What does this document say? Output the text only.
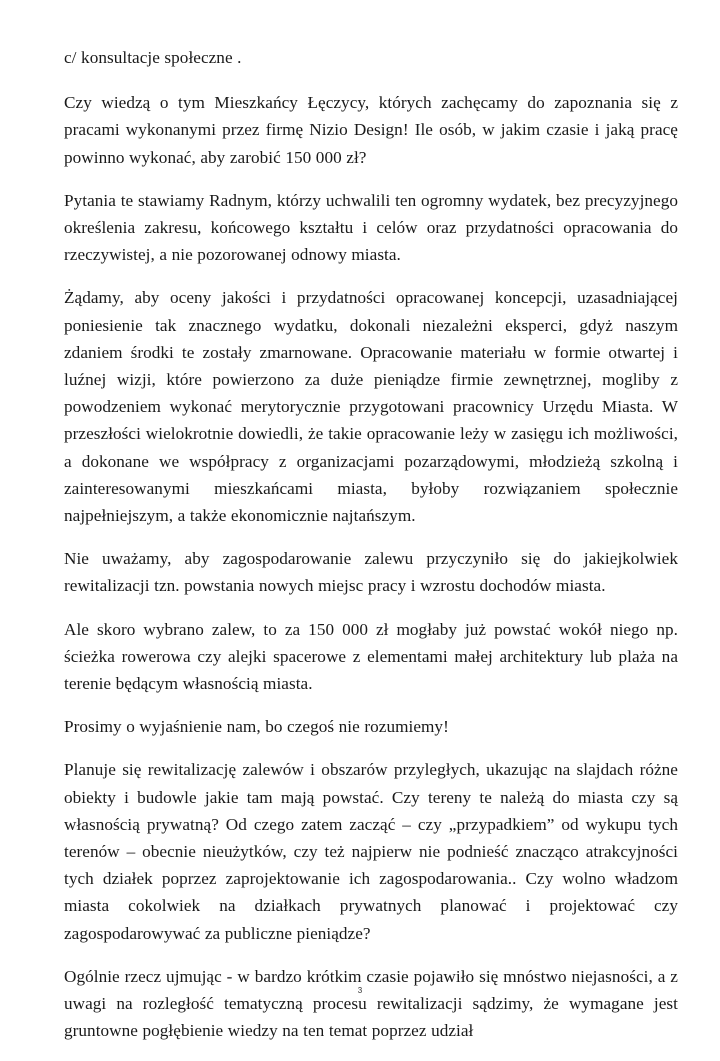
c/ konsultacje społeczne .

Czy wiedzą o tym Mieszkańcy Łęczycy, których zachęcamy do zapoznania się z pracami wykonanymi przez firmę Nizio Design! Ile osób, w jakim czasie i jaką pracę powinno wykonać, aby zarobić 150 000 zł?

Pytania te stawiamy Radnym, którzy uchwalili ten ogromny wydatek, bez precyzyjnego określenia zakresu, końcowego kształtu i celów oraz przydatności opracowania do rzeczywistej, a nie pozorowanej odnowy miasta.

Żądamy, aby oceny jakości i przydatności opracowanej koncepcji, uzasadniającej poniesienie tak znacznego wydatku, dokonali niezależni eksperci, gdyż naszym zdaniem środki te zostały zmarnowane. Opracowanie materiału w formie otwartej i luźnej wizji, które powierzono za duże pieniądze firmie zewnętrznej, mogliby z powodzeniem wykonać merytorycznie przygotowani pracownicy Urzędu Miasta. W przeszłości wielokrotnie dowiedli, że takie opracowanie leży w zasięgu ich możliwości, a dokonane we współpracy z organizacjami pozarządowymi, młodzieżą szkolną i zainteresowanymi mieszkańcami miasta, byłoby rozwiązaniem społecznie najpełniejszym, a także ekonomicznie najtańszym.

Nie uważamy, aby zagospodarowanie zalewu przyczyniło się do jakiejkolwiek rewitalizacji tzn. powstania nowych miejsc pracy i wzrostu dochodów miasta.

Ale skoro wybrano zalew, to za 150 000 zł mogłaby już powstać wokół niego np. ścieżka rowerowa czy alejki spacerowe z elementami małej architektury lub plaża na terenie będącym własnością miasta.

Prosimy o wyjaśnienie nam, bo czegoś nie rozumiemy!

Planuje się rewitalizację zalewów i obszarów przyległych, ukazując na slajdach różne obiekty i budowle jakie tam mają powstać. Czy tereny te należą do miasta czy są własnością prywatną? Od czego zatem zacząć – czy „przypadkiem” od wykupu tych terenów – obecnie nieużytków, czy też najpierw nie podnieść znacząco atrakcyjności tych działek poprzez zaprojektowanie ich zagospodarowania.. Czy wolno władzom miasta cokolwiek na działkach prywatnych planować i projektować czy zagospodarowywać za publiczne pieniądze?

Ogólnie rzecz ujmując - w bardzo krótkim czasie pojawiło się mnóstwo niejasności, a z uwagi na rozległość tematyczną procesu rewitalizacji sądzimy, że wymagane jest gruntowne pogłębienie wiedzy na ten temat poprzez udział

3
